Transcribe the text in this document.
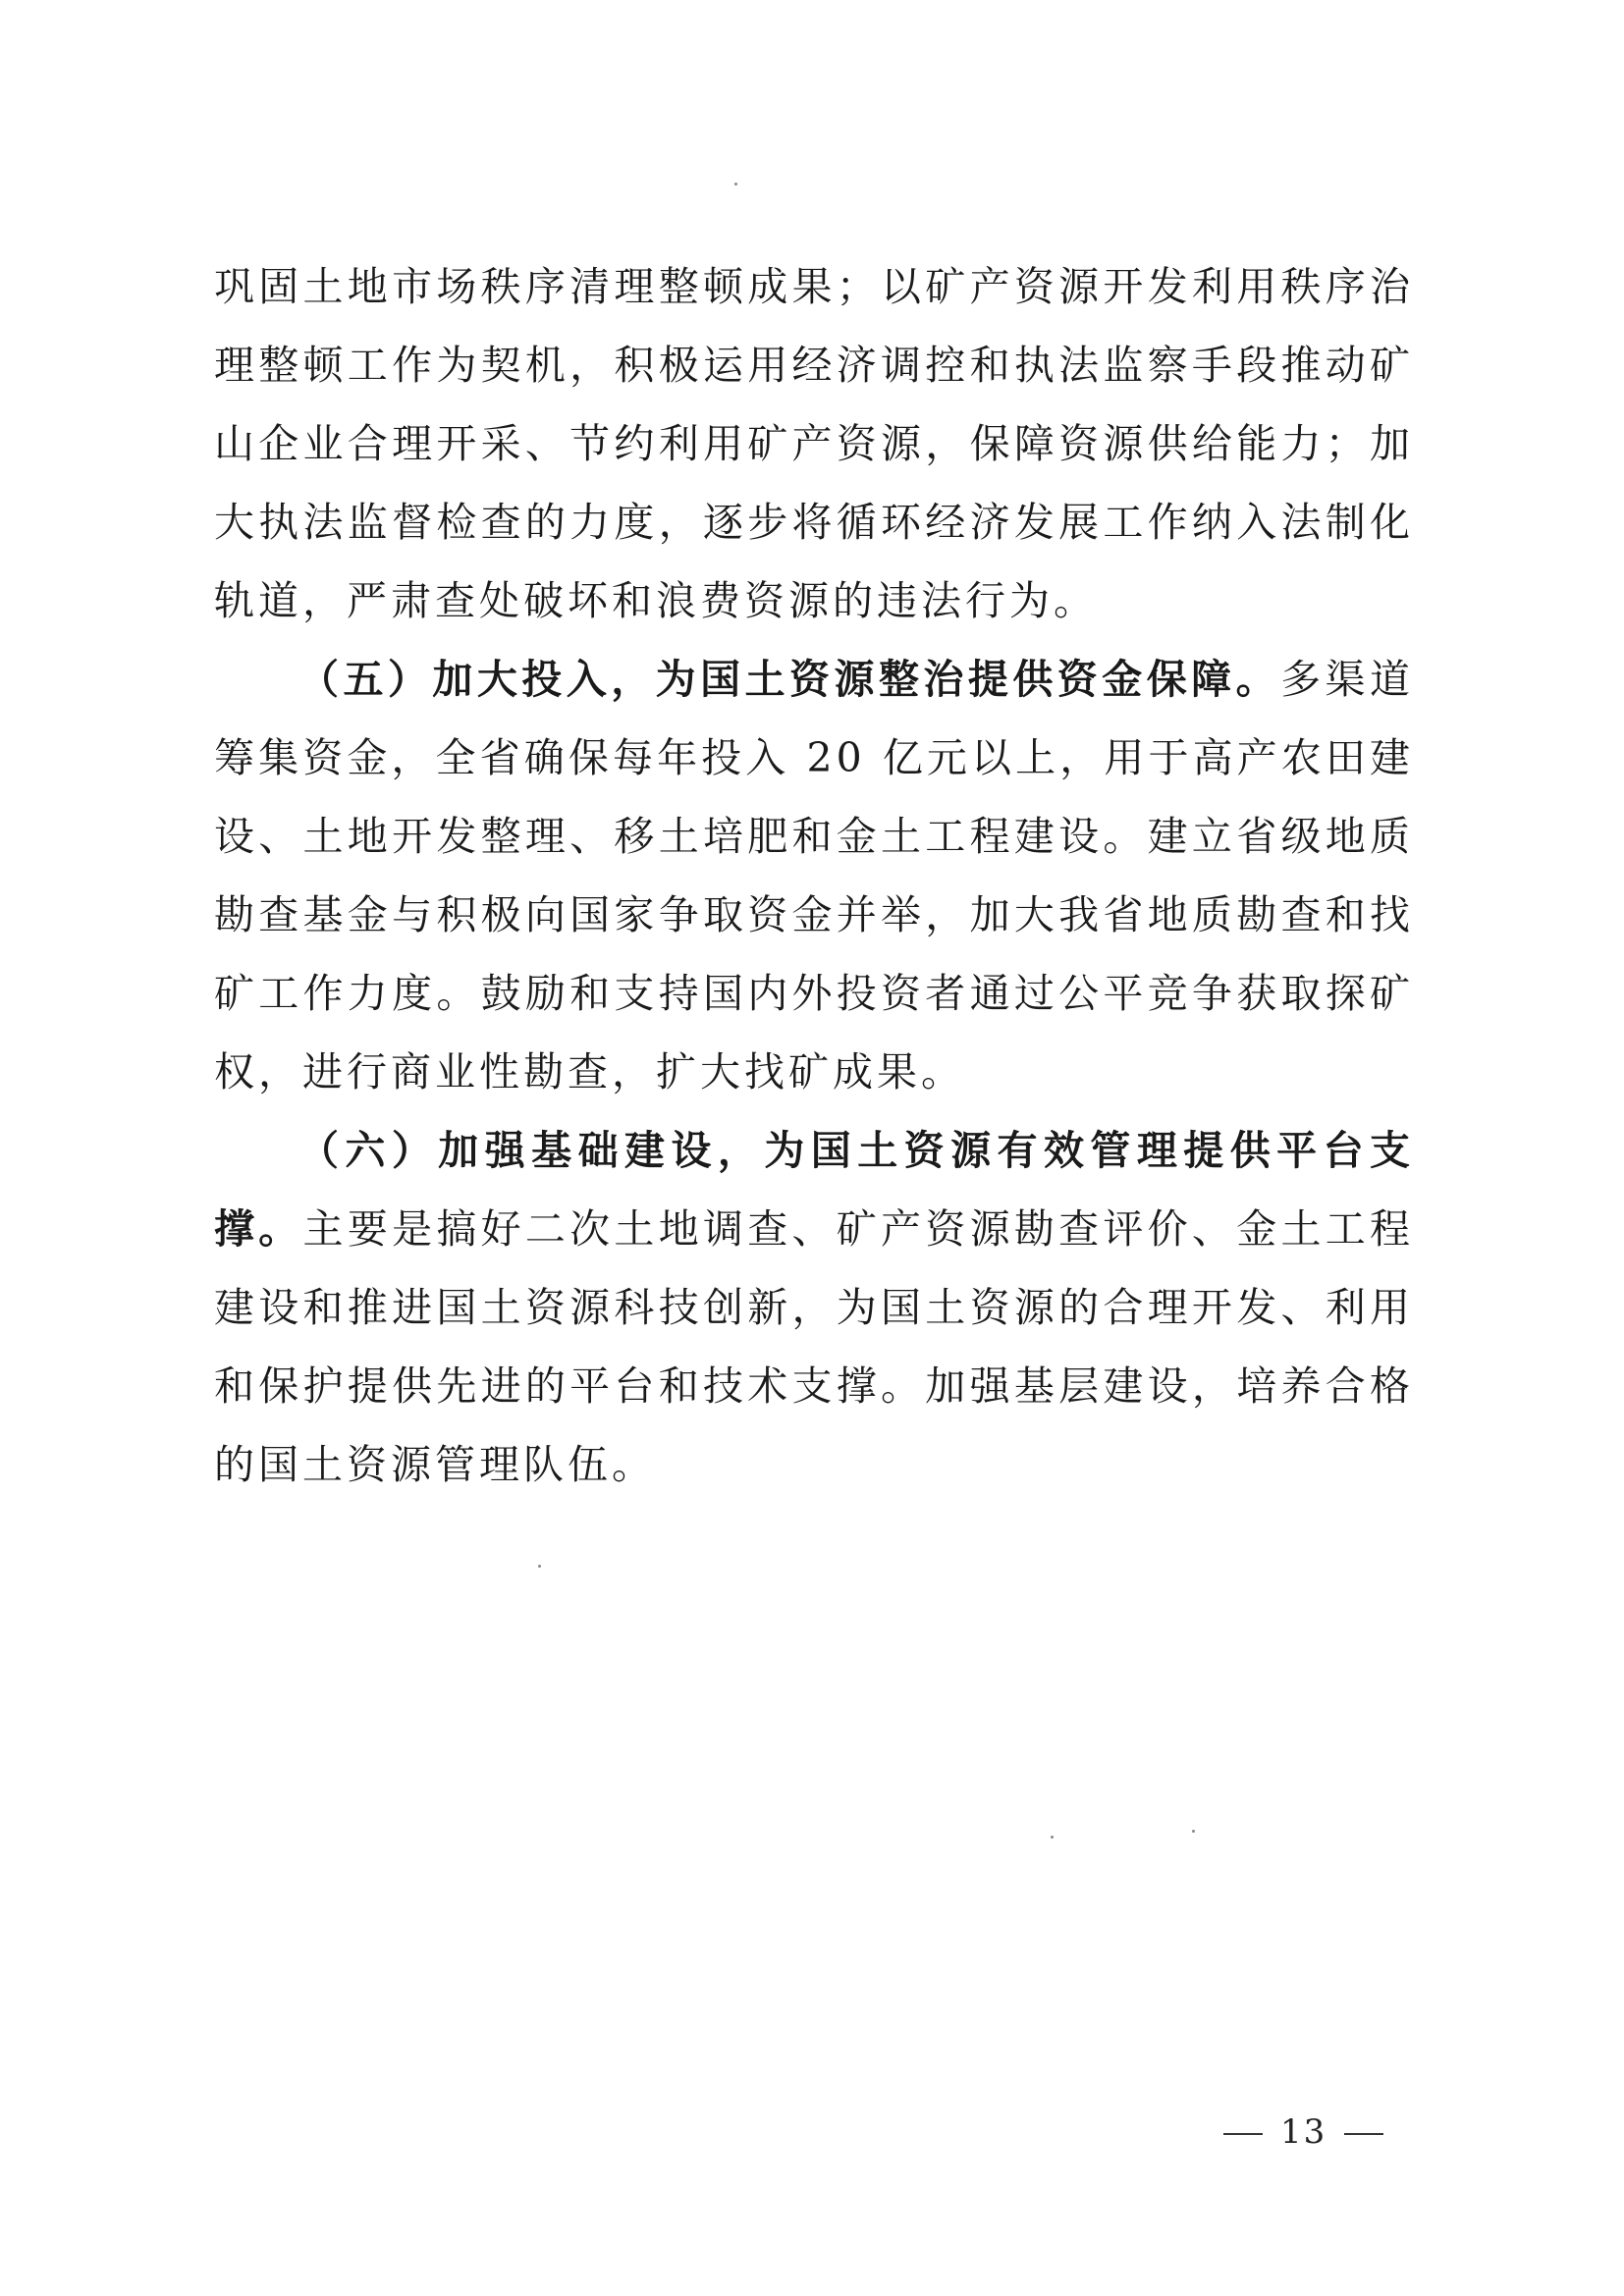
巩固土地市场秩序清理整顿成果；以矿产资源开发利用秩序治理整顿工作为契机，积极运用经济调控和执法监察手段推动矿山企业合理开采、节约利用矿产资源，保障资源供给能力；加大执法监督检查的力度，逐步将循环经济发展工作纳入法制化轨道，严肃查处破坏和浪费资源的违法行为。

（五）加大投入，为国土资源整治提供资金保障。多渠道筹集资金，全省确保每年投入 20 亿元以上，用于高产农田建设、土地开发整理、移土培肥和金土工程建设。建立省级地质勘查基金与积极向国家争取资金并举，加大我省地质勘查和找矿工作力度。鼓励和支持国内外投资者通过公平竞争获取探矿权，进行商业性勘查，扩大找矿成果。

（六）加强基础建设，为国土资源有效管理提供平台支撑。主要是搞好二次土地调查、矿产资源勘查评价、金土工程建设和推进国土资源科技创新，为国土资源的合理开发、利用和保护提供先进的平台和技术支撑。加强基层建设，培养合格的国土资源管理队伍。

13
